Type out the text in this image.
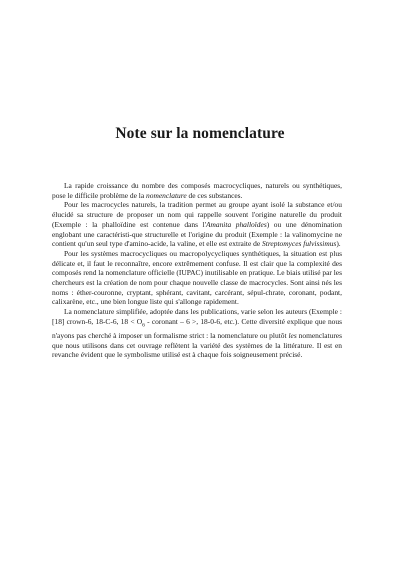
Note sur la nomenclature

La rapide croissance du nombre des composés macrocycliques, naturels ou synthétiques, pose le difficile problème de la nomenclature de ces substances.

Pour les macrocycles naturels, la tradition permet au groupe ayant isolé la substance et/ou élucidé sa structure de proposer un nom qui rappelle souvent l'origine naturelle du produit (Exemple : la phalloïdine est contenue dans l'Amanita phalloïdes) ou une dénomination englobant une caractéristi-que structurelle et l'origine du produit (Exemple : la valinomycine ne contient qu'un seul type d'amino-acide, la valine, et elle est extraite de Streptomyces fulvissimus).

Pour les systèmes macrocycliques ou macropolycycliques synthétiques, la situation est plus délicate et, il faut le reconnaître, encore extrêmement confuse. Il est clair que la complexité des composés rend la nomenclature officielle (IUPAC) inutilisable en pratique. Le biais utilisé par les chercheurs est la création de nom pour chaque nouvelle classe de macrocycles. Sont ainsi nés les noms : éther-couronne, cryptant, sphérant, cavitant, carcérant, sépul-chrate, coronant, podant, calixarène, etc., une bien longue liste qui s'allonge rapidement.

La nomenclature simplifiée, adoptée dans les publications, varie selon les auteurs (Exemple : [18] crown-6, 18-C-6, $18 < O_6$ - coronant – 6 >, 18-0-6, etc.). Cette diversité explique que nous n'ayons pas cherché à imposer un formalisme strict : la nomenclature ou plutôt les nomenclatures que nous utilisons dans cet ouvrage reflètent la variété des systèmes de la littérature. Il est en revanche évident que le symbolisme utilisé est à chaque fois soigneusement précisé.
